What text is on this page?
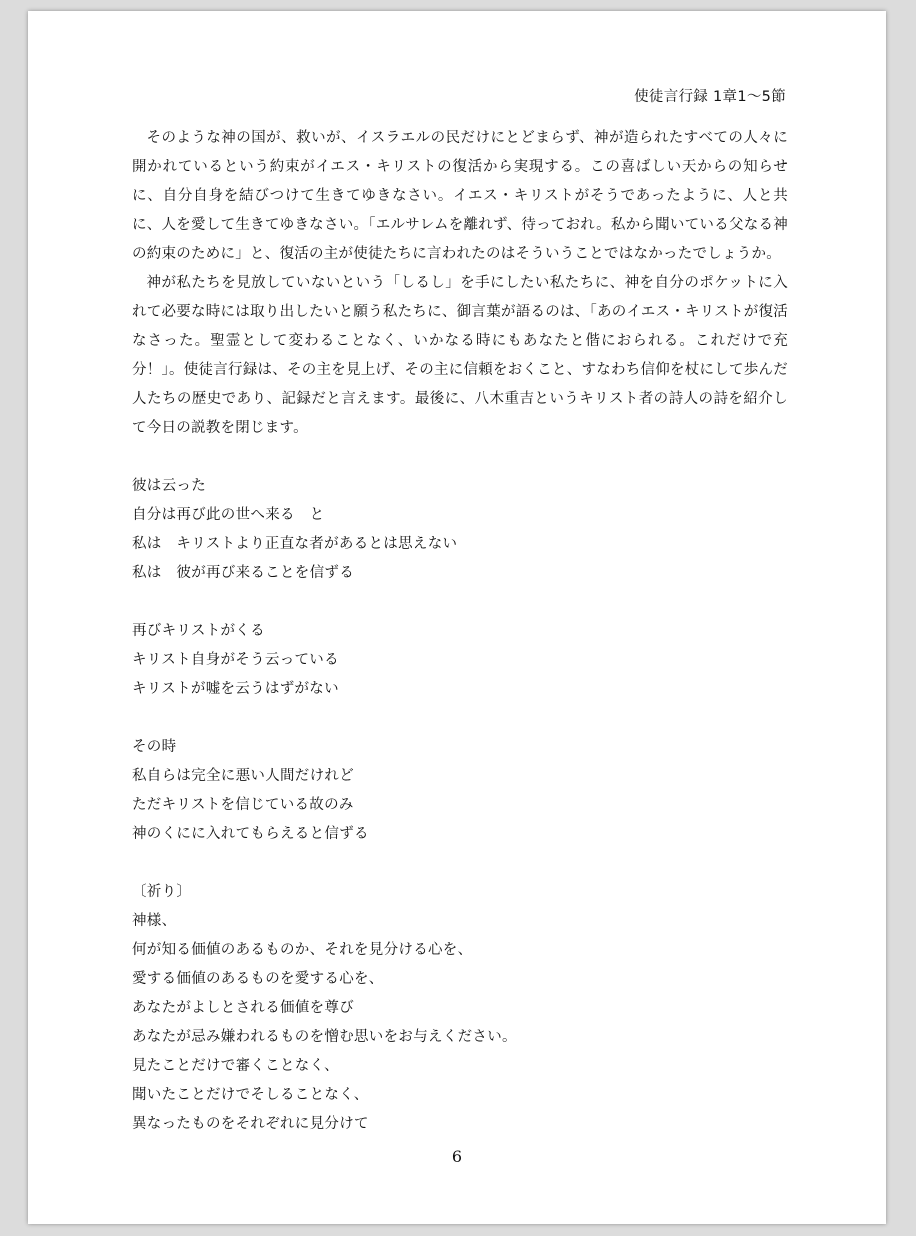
使徒言行録 1章1〜5節

そのような神の国が、救いが、イスラエルの民だけにとどまらず、神が造られたすべての人々に開かれているという約束がイエス・キリストの復活から実現する。この喜ばしい天からの知らせに、自分自身を結びつけて生きてゆきなさい。イエス・キリストがそうであったように、人と共に、人を愛して生きてゆきなさい。「エルサレムを離れず、待っておれ。私から聞いている父なる神の約束のために」と、復活の主が使徒たちに言われたのはそういうことではなかったでしょうか。

神が私たちを見放していないという「しるし」を手にしたい私たちに、神を自分のポケットに入れて必要な時には取り出したいと願う私たちに、御言葉が語るのは、「あのイエス・キリストが復活なさった。聖霊として変わることなく、いかなる時にもあなたと偕におられる。これだけで充分！」。使徒言行録は、その主を見上げ、その主に信頼をおくこと、すなわち信仰を杖にして歩んだ人たちの歴史であり、記録だと言えます。最後に、八木重吉というキリスト者の詩人の詩を紹介して今日の説教を閉じます。

彼は云った

自分は再び此の世へ来る　と

私は　キリストより正直な者があるとは思えない

私は　彼が再び来ることを信ずる

再びキリストがくる

キリスト自身がそう云っている

キリストが嘘を云うはずがない

その時

私自らは完全に悪い人間だけれど

ただキリストを信じている故のみ

神のくにに入れてもらえると信ずる

〔祈り〕

神様、

何が知る価値のあるものか、それを見分ける心を、

愛する価値のあるものを愛する心を、

あなたがよしとされる価値を尊び

あなたが忌み嫌われるものを憎む思いをお与えください。

見たことだけで審くことなく、

聞いたことだけでそしることなく、

異なったものをそれぞれに見分けて

6
